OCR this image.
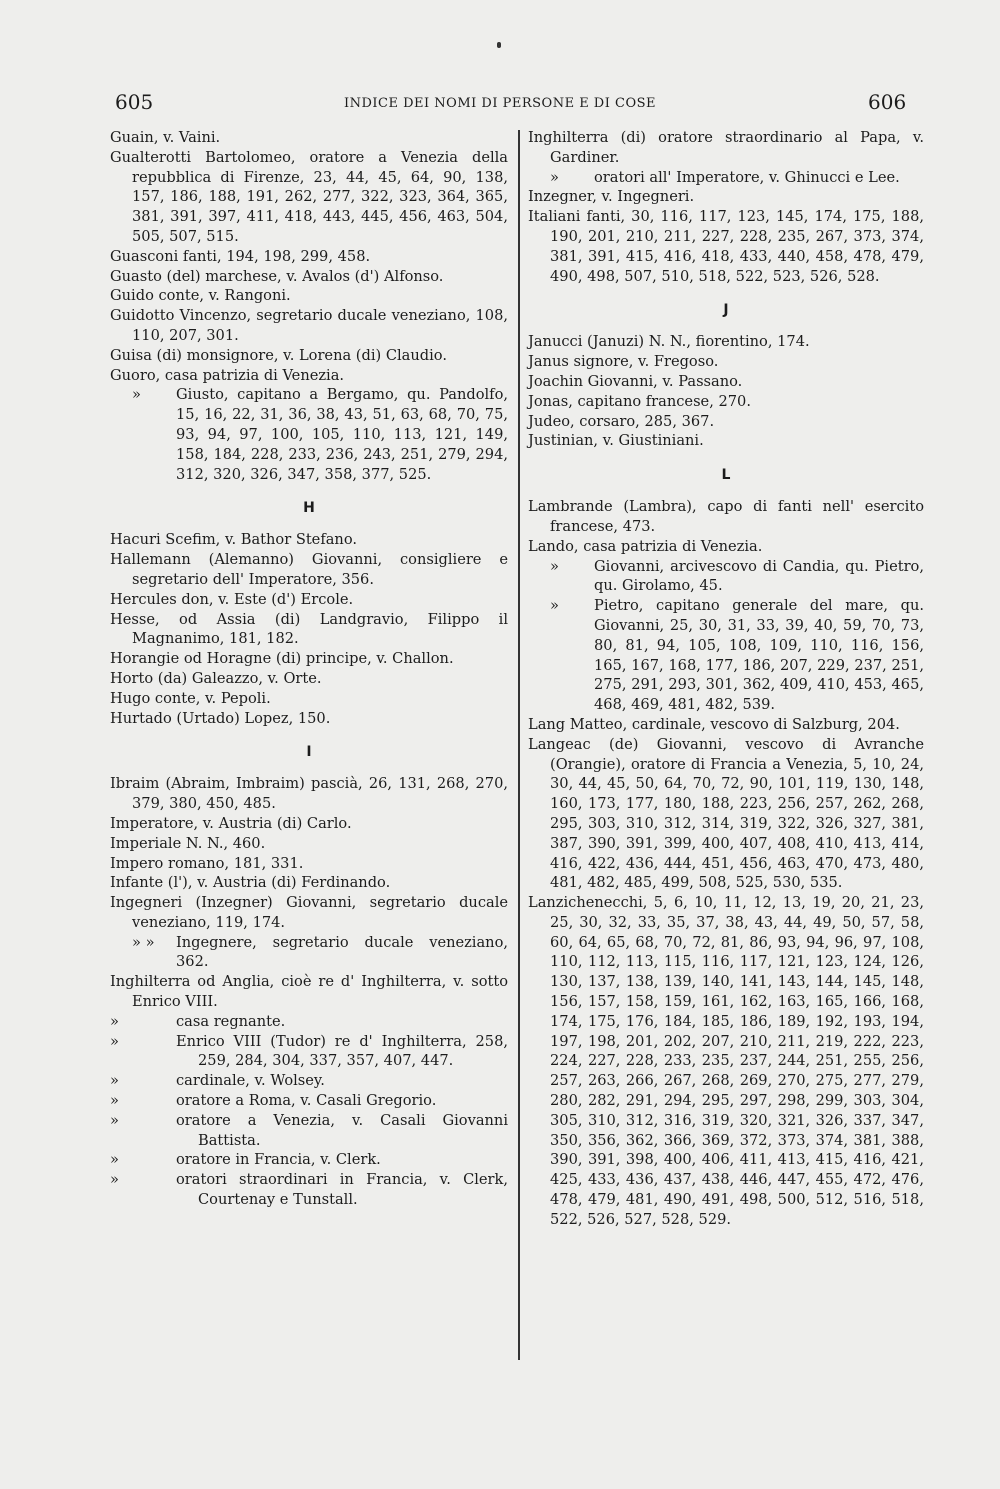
605	INDICE DEI NOMI DI PERSONE E DI COSE	606

Guain, v. Vaini.

Gualterotti Bartolomeo, oratore a Venezia della repubblica di Firenze, 23, 44, 45, 64, 90, 138, 157, 186, 188, 191, 262, 277, 322, 323, 364, 365, 381, 391, 397, 411, 418, 443, 445, 456, 463, 504, 505, 507, 515.

Guasconi fanti, 194, 198, 299, 458.

Guasto (del) marchese, v. Avalos (d') Alfonso.

Guido conte, v. Rangoni.

Guidotto Vincenzo, segretario ducale veneziano, 108, 110, 207, 301.

Guisa (di) monsignore, v. Lorena (di) Claudio.

Guoro, casa patrizia di Venezia.

» Giusto, capitano a Bergamo, qu. Pandolfo, 15, 16, 22, 31, 36, 38, 43, 51, 63, 68, 70, 75, 93, 94, 97, 100, 105, 110, 113, 121, 149, 158, 184, 228, 233, 236, 243, 251, 279, 294, 312, 320, 326, 347, 358, 377, 525.

H

Hacuri Scefim, v. Bathor Stefano.

Hallemann (Alemanno) Giovanni, consigliere e segretario dell' Imperatore, 356.

Hercules don, v. Este (d') Ercole.

Hesse, od Assia (di) Landgravio, Filippo il Magnanimo, 181, 182.

Horangie od Horagne (di) principe, v. Challon.

Horto (da) Galeazzo, v. Orte.

Hugo conte, v. Pepoli.

Hurtado (Urtado) Lopez, 150.

I

Ibraim (Abraim, Imbraim) pascià, 26, 131, 268, 270, 379, 380, 450, 485.

Imperatore, v. Austria (di) Carlo.

Imperiale N. N., 460.

Impero romano, 181, 331.

Infante (l'), v. Austria (di) Ferdinando.

Ingegneri (Inzegner) Giovanni, segretario ducale veneziano, 119, 174.

» » Ingegnere, segretario ducale veneziano, 362.

Inghilterra od Anglia, cioè re d' Inghilterra, v. sotto Enrico VIII.

»	casa regnante.

»	Enrico VIII (Tudor) re d' Inghilterra, 258, 259, 284, 304, 337, 357, 407, 447.

»	cardinale, v. Wolsey.

»	oratore a Roma, v. Casali Gregorio.

»	oratore a Venezia, v. Casali Giovanni Battista.

»	oratore in Francia, v. Clerk.

»	oratori straordinari in Francia, v. Clerk, Courtenay e Tunstall.

Inghilterra (di) oratore straordinario al Papa, v. Gardiner.

» oratori all' Imperatore, v. Ghinucci e Lee.

Inzegner, v. Ingegneri.

Italiani fanti, 30, 116, 117, 123, 145, 174, 175, 188, 190, 201, 210, 211, 227, 228, 235, 267, 373, 374, 381, 391, 415, 416, 418, 433, 440, 458, 478, 479, 490, 498, 507, 510, 518, 522, 523, 526, 528.

J

Janucci (Januzi) N. N., fiorentino, 174.

Janus signore, v. Fregoso.

Joachin Giovanni, v. Passano.

Jonas, capitano francese, 270.

Judeo, corsaro, 285, 367.

Justinian, v. Giustiniani.

L

Lambrande (Lambra), capo di fanti nell' esercito francese, 473.

Lando, casa patrizia di Venezia.

» Giovanni, arcivescovo di Candia, qu. Pietro, qu. Girolamo, 45.

» Pietro, capitano generale del mare, qu. Giovanni, 25, 30, 31, 33, 39, 40, 59, 70, 73, 80, 81, 94, 105, 108, 109, 110, 116, 156, 165, 167, 168, 177, 186, 207, 229, 237, 251, 275, 291, 293, 301, 362, 409, 410, 453, 465, 468, 469, 481, 482, 539.

Lang Matteo, cardinale, vescovo di Salzburg, 204.

Langeac (de) Giovanni, vescovo di Avranche (Orangie), oratore di Francia a Venezia, 5, 10, 24, 30, 44, 45, 50, 64, 70, 72, 90, 101, 119, 130, 148, 160, 173, 177, 180, 188, 223, 256, 257, 262, 268, 295, 303, 310, 312, 314, 319, 322, 326, 327, 381, 387, 390, 391, 399, 400, 407, 408, 410, 413, 414, 416, 422, 436, 444, 451, 456, 463, 470, 473, 480, 481, 482, 485, 499, 508, 525, 530, 535.

Lanzichenecchi, 5, 6, 10, 11, 12, 13, 19, 20, 21, 23, 25, 30, 32, 33, 35, 37, 38, 43, 44, 49, 50, 57, 58, 60, 64, 65, 68, 70, 72, 81, 86, 93, 94, 96, 97, 108, 110, 112, 113, 115, 116, 117, 121, 123, 124, 126, 130, 137, 138, 139, 140, 141, 143, 144, 145, 148, 156, 157, 158, 159, 161, 162, 163, 165, 166, 168, 174, 175, 176, 184, 185, 186, 189, 192, 193, 194, 197, 198, 201, 202, 207, 210, 211, 219, 222, 223, 224, 227, 228, 233, 235, 237, 244, 251, 255, 256, 257, 263, 266, 267, 268, 269, 270, 275, 277, 279, 280, 282, 291, 294, 295, 297, 298, 299, 303, 304, 305, 310, 312, 316, 319, 320, 321, 326, 337, 347, 350, 356, 362, 366, 369, 372, 373, 374, 381, 388, 390, 391, 398, 400, 406, 411, 413, 415, 416, 421, 425, 433, 436, 437, 438, 446, 447, 455, 472, 476, 478, 479, 481, 490, 491, 498, 500, 512, 516, 518, 522, 526, 527, 528, 529.
